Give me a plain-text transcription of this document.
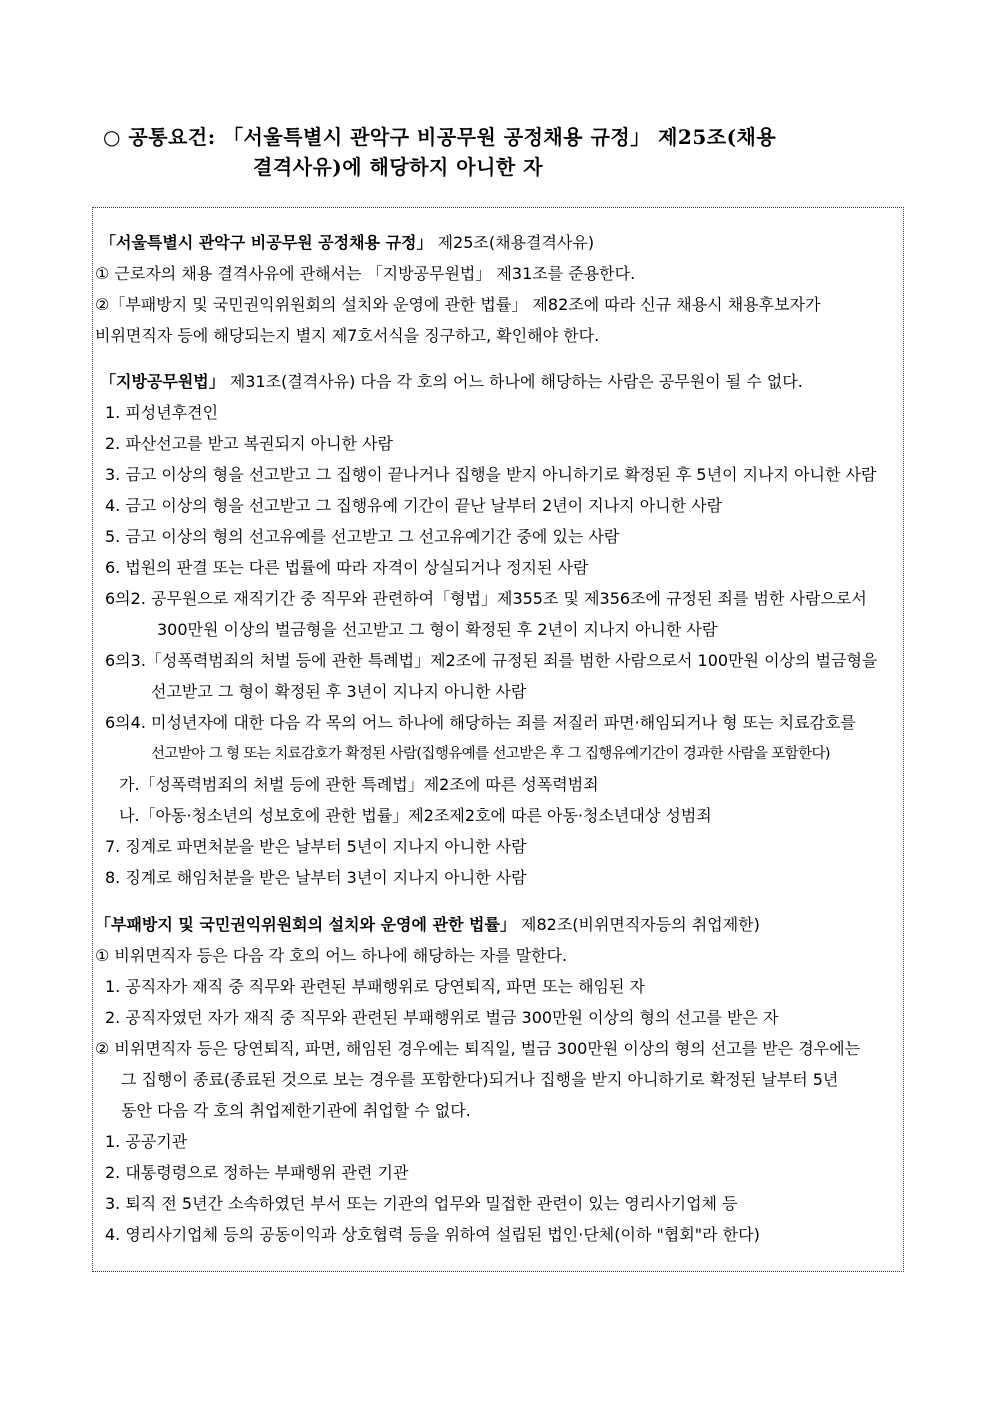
○ 공통요건: 「서울특별시 관악구 비공무원 공정채용 규정」 제25조(채용
결격사유)에 해당하지 아니한 자
「서울특별시 관악구 비공무원 공정채용 규정」 제25조(채용결격사유)
① 근로자의 채용 결격사유에 관해서는 「지방공무원법」 제31조를 준용한다.
②「부패방지 및 국민권익위원회의 설치와 운영에 관한 법률」 제82조에 따라 신규 채용시 채용후보자가
비위면직자 등에 해당되는지 별지 제7호서식을 징구하고, 확인해야 한다.
「지방공무원법」 제31조(결격사유) 다음 각 호의 어느 하나에 해당하는 사람은 공무원이 될 수 없다.
1. 피성년후견인
2. 파산선고를 받고 복권되지 아니한 사람
3. 금고 이상의 형을 선고받고 그 집행이 끝나거나 집행을 받지 아니하기로 확정된 후 5년이 지나지 아니한 사람
4. 금고 이상의 형을 선고받고 그 집행유예 기간이 끝난 날부터 2년이 지나지 아니한 사람
5. 금고 이상의 형의 선고유예를 선고받고 그 선고유예기간 중에 있는 사람
6. 법원의 판결 또는 다른 법률에 따라 자격이 상실되거나 정지된 사람
6의2. 공무원으로 재직기간 중 직무와 관련하여「형법」제355조 및 제356조에 규정된 죄를 범한 사람으로서
300만원 이상의 벌금형을 선고받고 그 형이 확정된 후 2년이 지나지 아니한 사람
6의3.「성폭력범죄의 처벌 등에 관한 특례법」제2조에 규정된 죄를 범한 사람으로서 100만원 이상의 벌금형을
선고받고 그 형이 확정된 후 3년이 지나지 아니한 사람
6의4. 미성년자에 대한 다음 각 목의 어느 하나에 해당하는 죄를 저질러 파면·해임되거나 형 또는 치료감호를
선고받아 그 형 또는 치료감호가 확정된 사람(집행유예를 선고받은 후 그 집행유예기간이 경과한 사람을 포함한다)
가.「성폭력범죄의 처벌 등에 관한 특례법」제2조에 따른 성폭력범죄
나.「아동·청소년의 성보호에 관한 법률」제2조제2호에 따른 아동·청소년대상 성범죄
7. 징계로 파면처분을 받은 날부터 5년이 지나지 아니한 사람
8. 징계로 해임처분을 받은 날부터 3년이 지나지 아니한 사람
「부패방지 및 국민권익위원회의 설치와 운영에 관한 법률」 제82조(비위면직자등의 취업제한)
① 비위면직자 등은 다음 각 호의 어느 하나에 해당하는 자를 말한다.
1. 공직자가 재직 중 직무와 관련된 부패행위로 당연퇴직, 파면 또는 해임된 자
2. 공직자였던 자가 재직 중 직무와 관련된 부패행위로 벌금 300만원 이상의 형의 선고를 받은 자
② 비위면직자 등은 당연퇴직, 파면, 해임된 경우에는 퇴직일, 벌금 300만원 이상의 형의 선고를 받은 경우에는
그 집행이 종료(종료된 것으로 보는 경우를 포함한다)되거나 집행을 받지 아니하기로 확정된 날부터 5년
동안 다음 각 호의 취업제한기관에 취업할 수 없다.
1. 공공기관
2. 대통령령으로 정하는 부패행위 관련 기관
3. 퇴직 전 5년간 소속하였던 부서 또는 기관의 업무와 밀접한 관련이 있는 영리사기업체 등
4. 영리사기업체 등의 공동이익과 상호협력 등을 위하여 설립된 법인·단체(이하 "협회"라 한다)
